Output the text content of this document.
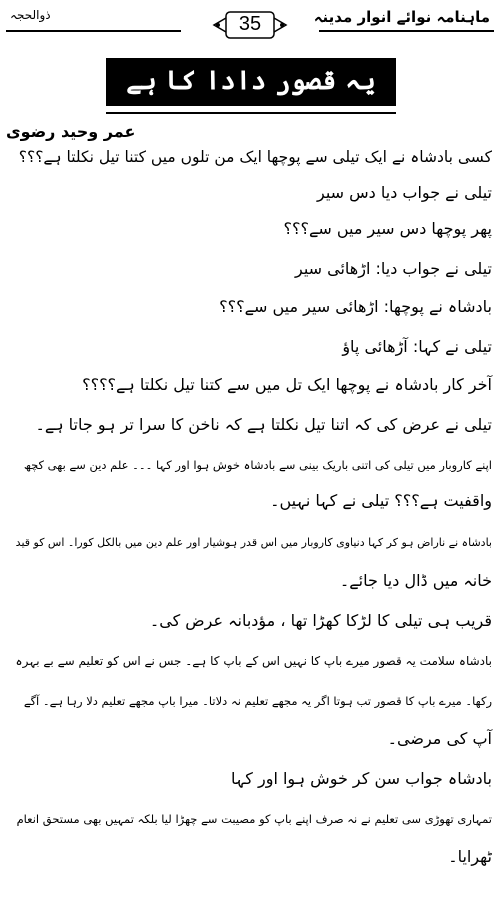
ذوالحجہ	35	ماہنامہ نوائے انوار مدینہ
یہ قصور دادا کا ہے
عمر وحید رضوی
کسی بادشاہ نے ایک تیلی سے پوچھا ایک من تلوں میں کتنا تیل نکلتا ہے؟؟؟
تیلی نے جواب دیا دس سیر
پھر پوچھا دس سیر میں سے؟؟؟
تیلی نے جواب دیا: اڑھائی سیر
بادشاہ نے پوچھا: اڑھائی سیر میں سے؟؟؟
تیلی نے کہا: آڑھائی پاؤ
آخر کار بادشاہ نے پوچھا ایک تل میں سے کتنا تیل نکلتا ہے؟؟؟؟
تیلی نے عرض کی کہ اتنا تیل نکلتا ہے کہ ناخن کا سرا تر ہو جاتا ہے۔
اپنے کاروبار میں تیلی کی اتنی باریک بینی سے بادشاہ خوش ہوا اور کہا ۔۔۔ علم دین سے بھی کچھ
واقفیت ہے؟؟؟ تیلی نے کہا نہیں۔
بادشاہ نے ناراض ہو کر کہا دنیاوی کاروبار میں اس قدر ہوشیار اور علم دین میں بالکل کورا۔ اس کو قید
خانہ میں ڈال دیا جائے۔
قریب ہی تیلی کا لڑکا کھڑا تھا ، مؤدبانہ عرض کی۔
بادشاہ سلامت یہ قصور میرے باپ کا نہیں اس کے باپ کا ہے۔ جس نے اس کو تعلیم سے بے بہرہ
رکھا۔ میرے باپ کا قصور تب ہوتا اگر یہ مجھے تعلیم نہ دلاتا۔ میرا باپ مجھے تعلیم دلا رہا ہے۔ آگے
آپ کی مرضی۔
بادشاہ جواب سن کر خوش ہوا اور کہا
تمہاری تھوڑی سی تعلیم نے نہ صرف اپنے باپ کو مصیبت سے چھڑا لیا بلکہ تمہیں بھی مستحق انعام
ٹھرایا۔
